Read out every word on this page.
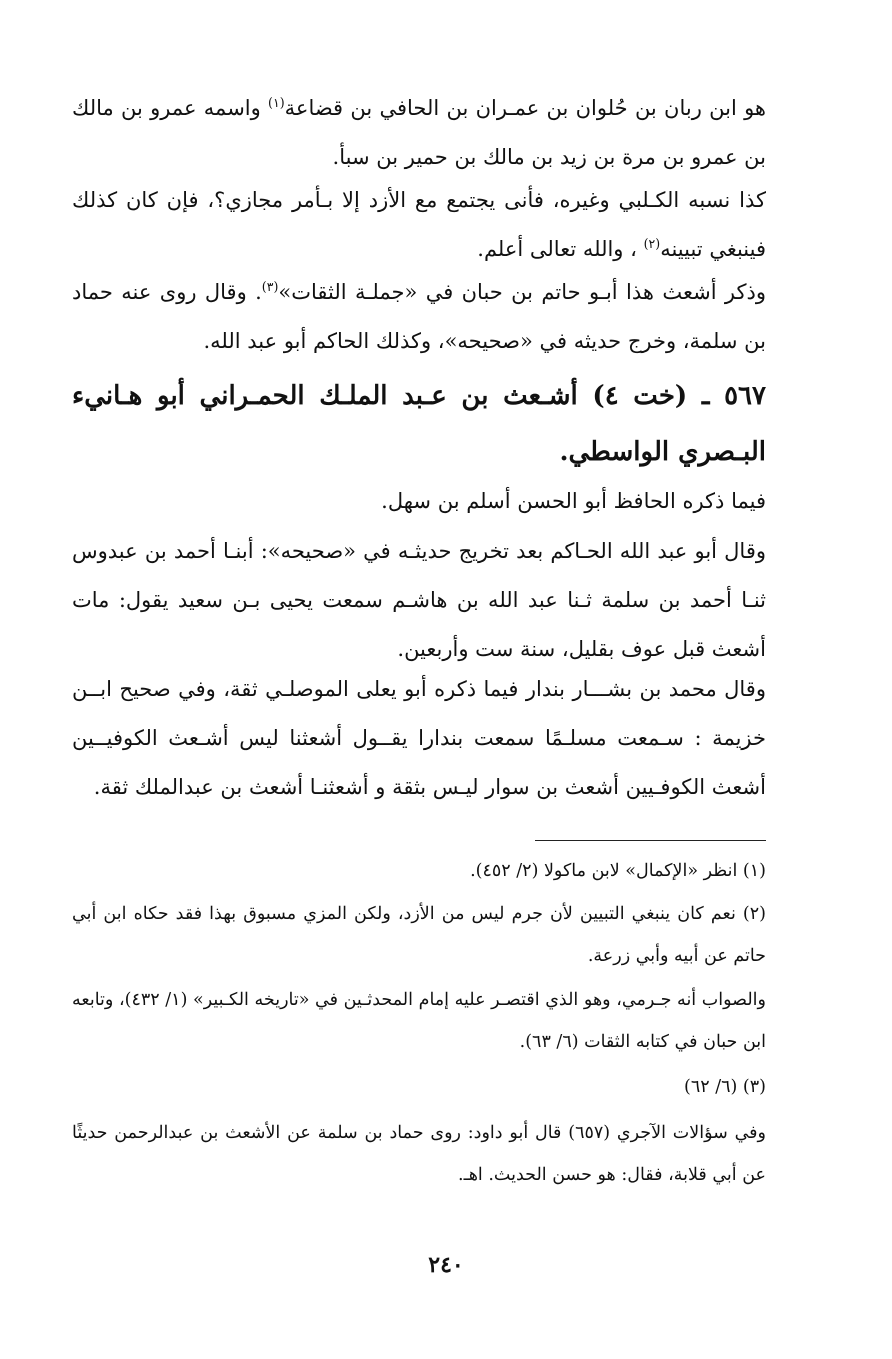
هو ابن ربان بن حُلوان بن عمـران بن الحافي بن قضاعة$^{(١)}$ واسمه عمرو بن مالك بن عمرو بن مرة بن زيد بن مالك بن حمير بن سبأ.
كذا نسبه الكـلبي وغيره، فأنى يجتمع مع الأزد إلا بـأمر مجازي؟، فإن كان كذلك فينبغي تبيينه$^{(٢)}$ ، والله تعالى أعلم.
وذكر أشعث هذا أبـو حاتم بن حبان في «جملـة الثقات»$^{(٣)}$. وقال روى عنه حماد بن سلمة، وخرج حديثه في «صحيحه»، وكذلك الحاكم أبو عبد الله.
٥٦٧ ـ (خت ٤) أشـعث بن عـبد الملـك الحمـراني أبو هـانيء البـصري الواسطي.
فيما ذكره الحافظ أبو الحسن أسلم بن سهل.
وقال أبو عبد الله الحـاكم بعد تخريج حديثـه في «صحيحه»: أبنـا أحمد بن عبدوس ثنـا أحمد بن سلمة ثـنا عبد الله بن هاشـم سمعت يحيى بـن سعيد يقول: مات أشعث قبل عوف بقليل، سنة ست وأربعين.
وقال محمد بن بشـــار بندار فيما ذكره أبو يعلى الموصلـي ثقة، وفي صحيح ابــن خزيمة : سـمعت مسلـمًا سمعت بندارا يقــول أشعثنا ليس أشـعث الكوفيــين أشعث الكوفـيين أشعث بن سوار ليـس بثقة و أشعثنـا أشعث بن عبدالملك ثقة.
(١) انظر «الإكمال» لابن ماكولا (٢/ ٤٥٢).
(٢) نعم كان ينبغي التبيين لأن جرم ليس من الأزد، ولكن المزي مسبوق بهذا فقد حكاه ابن أبي حاتم عن أبيه وأبي زرعة.
والصواب أنه جـرمي، وهو الذي اقتصـر عليه إمام المحدثـين في «تاريخه الكـبير» (١/ ٤٣٢)، وتابعه ابن حبان في كتابه الثقات (٦/ ٦٣).
(٣) (٦/ ٦٢)
وفي سؤالات الآجري (٦٥٧) قال أبو داود: روى حماد بن سلمة عن الأشعث بن عبدالرحمن حديثًا عن أبي قلابة، فقال: هو حسن الحديث. اهـ.
٢٤٠
